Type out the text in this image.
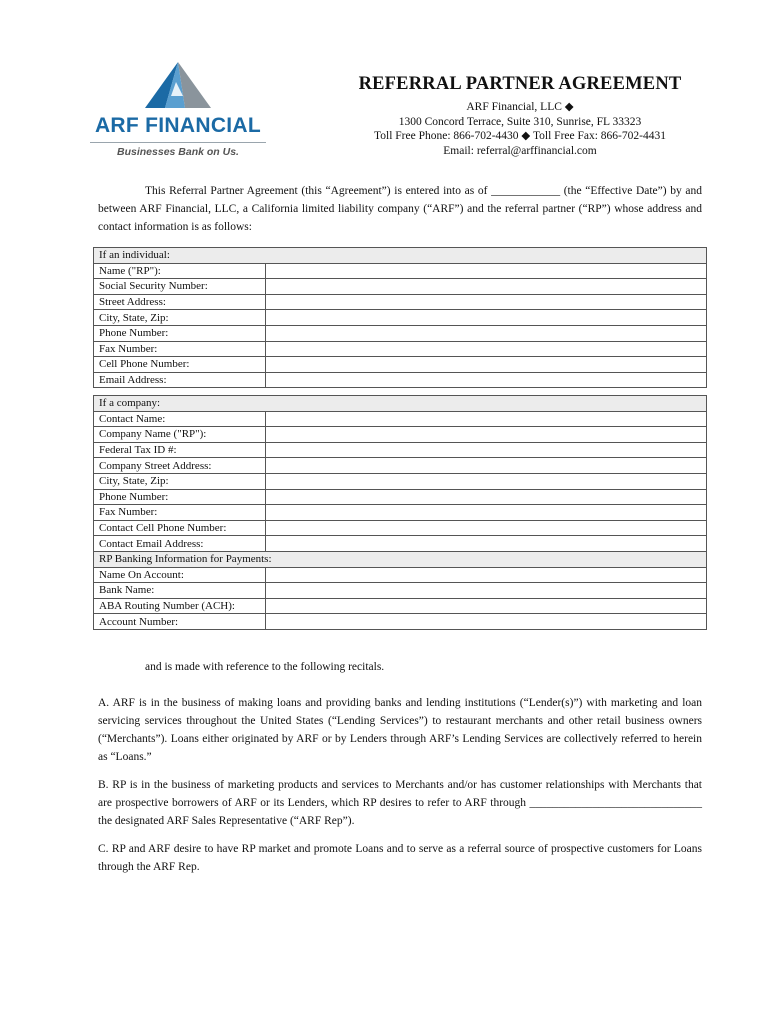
ARF FINANCIAL
Businesses Bank on Us.
REFERRAL PARTNER AGREEMENT
ARF Financial, LLC ◆
1300 Concord Terrace, Suite 310, Sunrise, FL 33323
Toll Free Phone: 866-702-4430 ◆ Toll Free Fax: 866-702-4431
Email: referral@arffinancial.com
This Referral Partner Agreement (this “Agreement”) is entered into as of ____________ (the “Effective Date”) by and between ARF Financial, LLC, a California limited liability company (“ARF”) and the referral partner (“RP”) whose address and contact information is as follows:
If an individual:	
Name ("RP"):	
Social Security Number:	
Street Address:	
City, State, Zip:	
Phone Number:	
Fax Number:	
Cell Phone Number:	
Email Address:	
If a company:	
Contact Name:	
Company Name ("RP"):	
Federal Tax ID #:	
Company Street Address:	
City, State, Zip:	
Phone Number:	
Fax Number:	
Contact Cell Phone Number:	
Contact Email Address:	
RP Banking Information for Payments:	
Name On Account:	
Bank Name:	
ABA Routing Number (ACH):	
Account Number:	
and is made with reference to the following recitals.
A. ARF is in the business of making loans and providing banks and lending institutions (“Lender(s)”) with marketing and loan servicing services throughout the United States (“Lending Services”) to restaurant merchants and other retail business owners (“Merchants”). Loans either originated by ARF or by Lenders through ARF’s Lending Services are collectively referred to herein as “Loans.”
B. RP is in the business of marketing products and services to Merchants and/or has customer relationships with Merchants that are prospective borrowers of ARF or its Lenders, which RP desires to refer to ARF through ______________________________ the designated ARF Sales Representative (“ARF Rep”).
C. RP and ARF desire to have RP market and promote Loans and to serve as a referral source of prospective customers for Loans through the ARF Rep.
